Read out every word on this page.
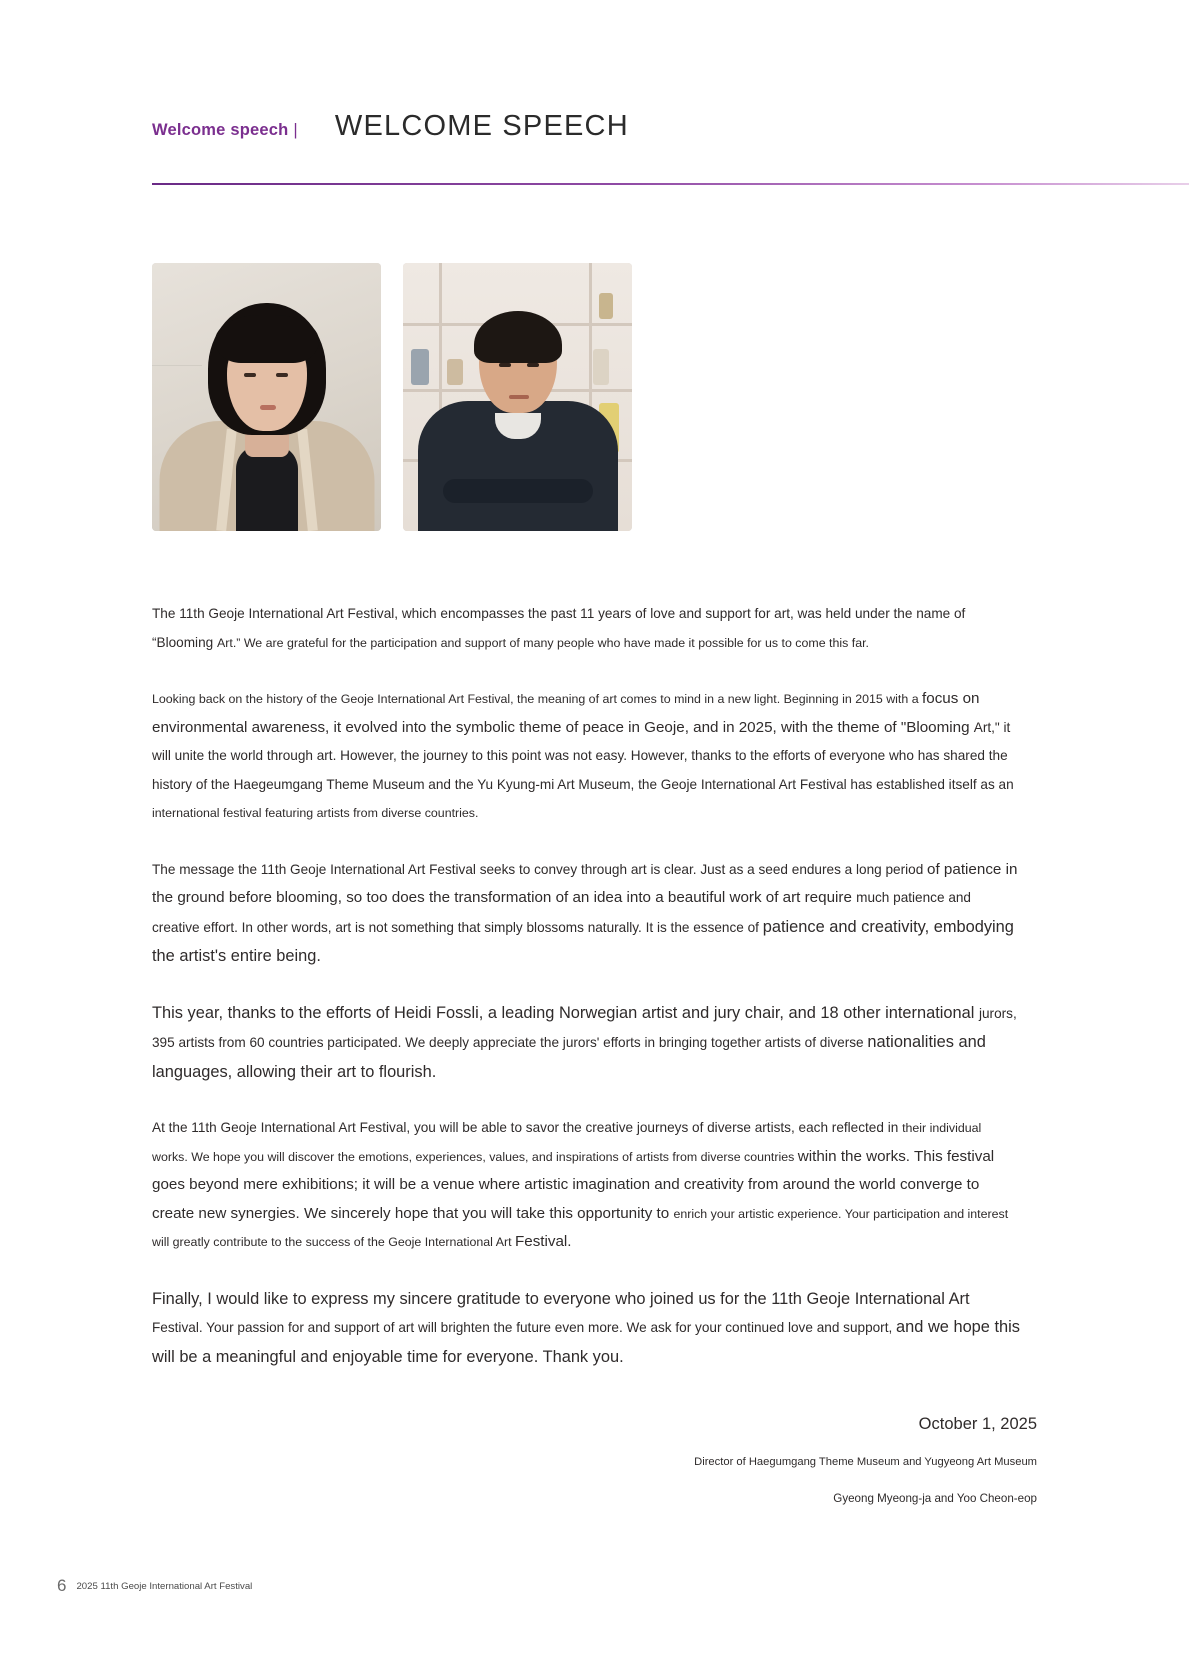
Welcome speech | WELCOME SPEECH

The 11th Geoje International Art Festival, which encompasses the past 11 years of love and support for art, was held under the name of “Blooming Art.” We are grateful for the participation and support of many people who have made it possible for us to come this far.

Looking back on the history of the Geoje International Art Festival, the meaning of art comes to mind in a new light. Beginning in 2015 with a focus on environmental awareness, it evolved into the symbolic theme of peace in Geoje, and in 2025, with the theme of "Blooming Art," it will unite the world through art. However, the journey to this point was not easy. However, thanks to the efforts of everyone who has shared the history of the Haegeumgang Theme Museum and the Yu Kyung-mi Art Museum, the Geoje International Art Festival has established itself as an international festival featuring artists from diverse countries.

The message the 11th Geoje International Art Festival seeks to convey through art is clear. Just as a seed endures a long period of patience in the ground before blooming, so too does the transformation of an idea into a beautiful work of art require much patience and creative effort. In other words, art is not something that simply blossoms naturally. It is the essence of patience and creativity, embodying the artist's entire being.

This year, thanks to the efforts of Heidi Fossli, a leading Norwegian artist and jury chair, and 18 other international jurors, 395 artists from 60 countries participated. We deeply appreciate the jurors' efforts in bringing together artists of diverse nationalities and languages, allowing their art to flourish.

At the 11th Geoje International Art Festival, you will be able to savor the creative journeys of diverse artists, each reflected in their individual works. We hope you will discover the emotions, experiences, values, and inspirations of artists from diverse countries within the works. This festival goes beyond mere exhibitions; it will be a venue where artistic imagination and creativity from around the world converge to create new synergies. We sincerely hope that you will take this opportunity to enrich your artistic experience. Your participation and interest will greatly contribute to the success of the Geoje International Art Festival.

Finally, I would like to express my sincere gratitude to everyone who joined us for the 11th Geoje International Art Festival. Your passion for and support of art will brighten the future even more. We ask for your continued love and support, and we hope this will be a meaningful and enjoyable time for everyone. Thank you.

October 1, 2025
Director of Haegumgang Theme Museum and Yugyeong Art Museum
Gyeong Myeong-ja and Yoo Cheon-eop
6 2025 11th Geoje International Art Festival
